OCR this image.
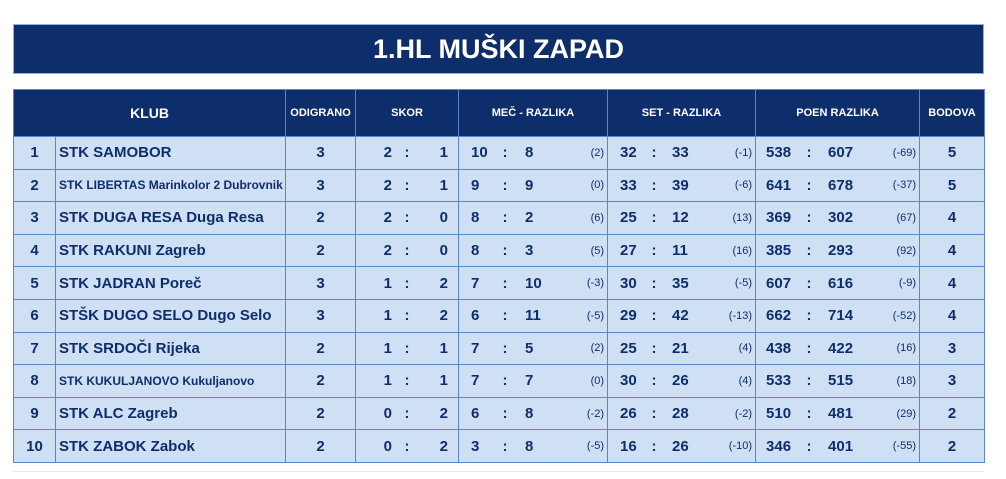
1.HL MUŠKI ZAPAD
KLUB		ODIGRANO	SKOR	MEČ - RAZLIKA	SET - RAZLIKA	POEN RAZLIKA	BODOVA
1	STK SAMOBOR	3	2 : 1	10 : 8 (2)	32 : 33 (-1)	538 : 607 (-69)	5
2	STK LIBERTAS Marinkolor 2 Dubrovnik	3	2 : 1	9 : 9 (0)	33 : 39 (-6)	641 : 678 (-37)	5
3	STK DUGA RESA Duga Resa	2	2 : 0	8 : 2 (6)	25 : 12 (13)	369 : 302 (67)	4
4	STK RAKUNI Zagreb	2	2 : 0	8 : 3 (5)	27 : 11 (16)	385 : 293 (92)	4
5	STK JADRAN Poreč	3	1 : 2	7 : 10 (-3)	30 : 35 (-5)	607 : 616 (-9)	4
6	STŠK DUGO SELO Dugo Selo	3	1 : 2	6 : 11 (-5)	29 : 42 (-13)	662 : 714 (-52)	4
7	STK SRDOČI Rijeka	2	1 : 1	7 : 5 (2)	25 : 21 (4)	438 : 422 (16)	3
8	STK KUKULJANOVO Kukuljanovo	2	1 : 1	7 : 7 (0)	30 : 26 (4)	533 : 515 (18)	3
9	STK ALC Zagreb	2	0 : 2	6 : 8 (-2)	26 : 28 (-2)	510 : 481 (29)	2
10	STK ZABOK Zabok	2	0 : 2	3 : 8 (-5)	16 : 26 (-10)	346 : 401 (-55)	2
